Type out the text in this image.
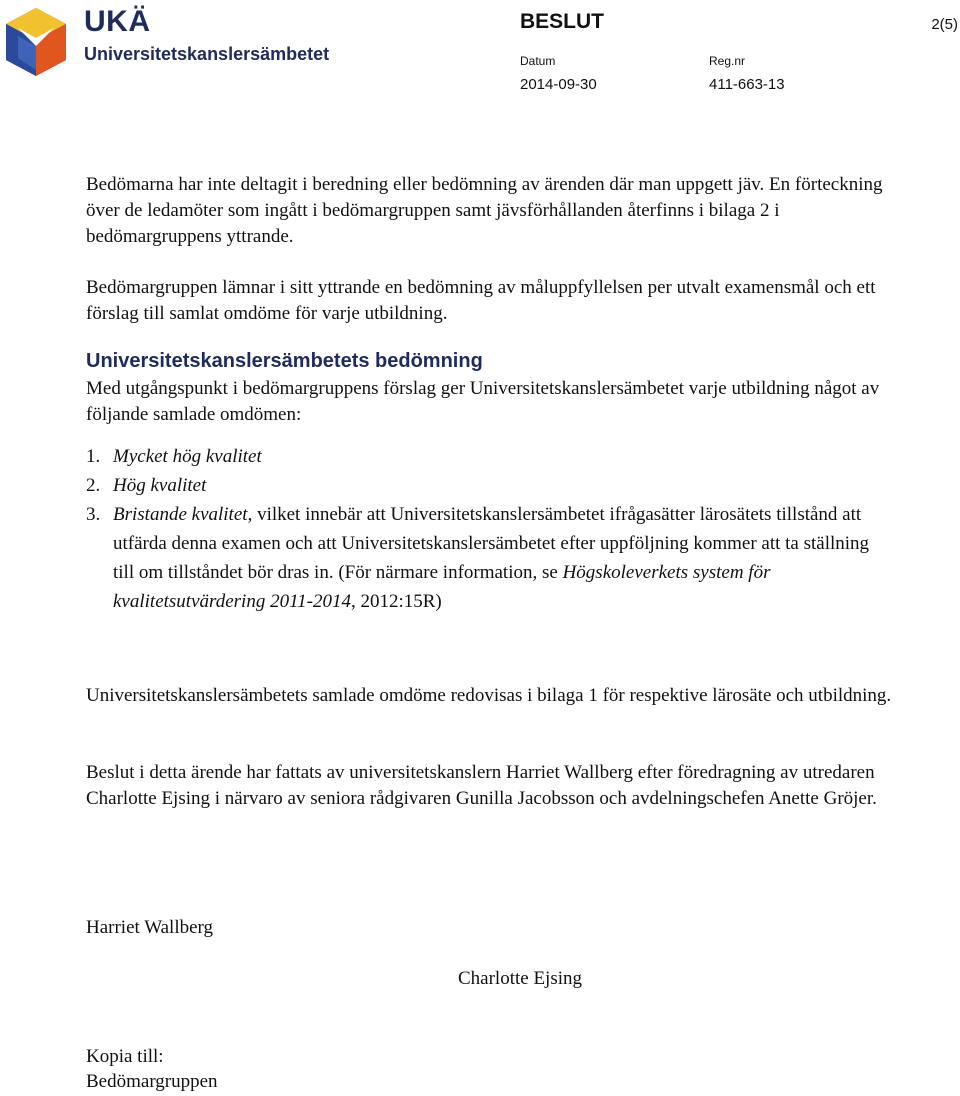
UKÄ
Universitetskanslersämbetet
BESLUT	2(5)
Datum	Reg.nr
2014-09-30	411-663-13

Bedömarna har inte deltagit i beredning eller bedömning av ärenden där man uppgett jäv. En förteckning över de ledamöter som ingått i bedömargruppen samt jävsförhållanden återfinns i bilaga 2 i bedömargruppens yttrande.

Bedömargruppen lämnar i sitt yttrande en bedömning av måluppfyllelsen per utvalt examensmål och ett förslag till samlat omdöme för varje utbildning.

Universitetskanslersämbetets bedömning

Med utgångspunkt i bedömargruppens förslag ger Universitetskanslersämbetet varje utbildning något av följande samlade omdömen:

1. Mycket hög kvalitet
2. Hög kvalitet
3. Bristande kvalitet, vilket innebär att Universitetskanslersämbetet ifrågasätter lärosätets tillstånd att utfärda denna examen och att Universitetskanslersämbetet efter uppföljning kommer att ta ställning till om tillståndet bör dras in. (För närmare information, se Högskoleverkets system för kvalitetsutvärdering 2011-2014, 2012:15R)

Universitetskanslersämbetets samlade omdöme redovisas i bilaga 1 för respektive lärosäte och utbildning.

Beslut i detta ärende har fattats av universitetskanslern Harriet Wallberg efter föredragning av utredaren Charlotte Ejsing i närvaro av seniora rådgivaren Gunilla Jacobsson och avdelningschefen Anette Gröjer.

Harriet Wallberg
Charlotte Ejsing
Kopia till:
Bedömargruppen
